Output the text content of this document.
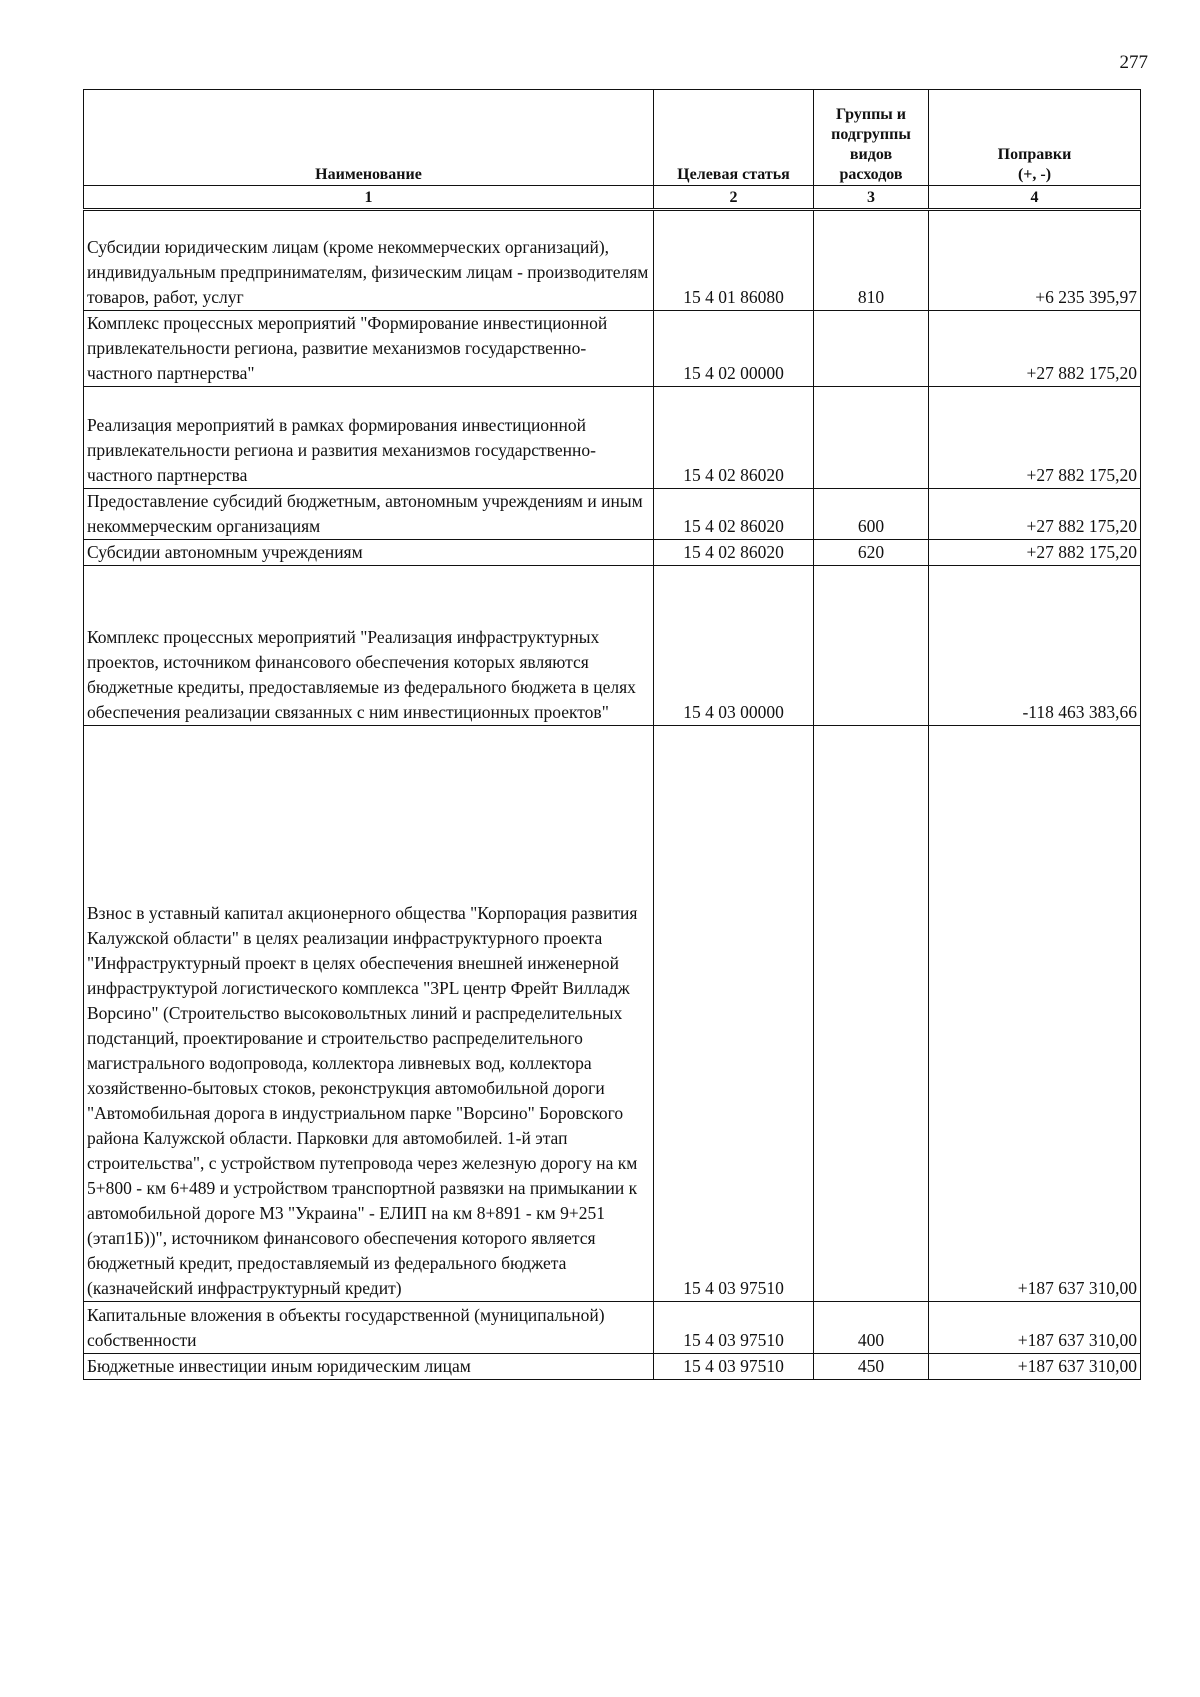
277
Наименование	Целевая статья	Группы и подгруппы видов расходов	Поправки
(+, -)
1	2	3	4
Субсидии юридическим лицам (кроме некоммерческих организаций), индивидуальным предпринимателям, физическим лицам - производителям товаров, работ, услуг	15 4 01 86080	810	+6 235 395,97
Комплекс процессных мероприятий "Формирование инвестиционной привлекательности региона, развитие механизмов государственно-частного партнерства"	15 4 02 00000		+27 882 175,20
Реализация мероприятий в рамках формирования инвестиционной привлекательности региона и развития механизмов государственно-частного партнерства	15 4 02 86020		+27 882 175,20
Предоставление субсидий бюджетным, автономным учреждениям и иным некоммерческим организациям	15 4 02 86020	600	+27 882 175,20
Субсидии автономным учреждениям	15 4 02 86020	620	+27 882 175,20
Комплекс процессных мероприятий "Реализация инфраструктурных проектов, источником финансового обеспечения которых являются бюджетные кредиты, предоставляемые из федерального бюджета в целях обеспечения реализации связанных с ним инвестиционных проектов"	15 4 03 00000		-118 463 383,66
Взнос в уставный капитал акционерного общества "Корпорация развития Калужской области" в целях реализации инфраструктурного проекта "Инфраструктурный проект в целях обеспечения внешней инженерной инфраструктурой логистического комплекса "3PL центр Фрейт Вилладж Ворсино" (Строительство высоковольтных линий и распределительных подстанций, проектирование и строительство распределительного магистрального водопровода, коллектора ливневых вод, коллектора хозяйственно-бытовых стоков, реконструкция автомобильной дороги "Автомобильная дорога в индустриальном парке "Ворсино" Боровского района Калужской области. Парковки для автомобилей. 1-й этап строительства", с устройством путепровода через железную дорогу на км 5+800 - км 6+489 и устройством транспортной развязки на примыкании к автомобильной дороге М3 "Украина" - ЕЛИП на км 8+891 - км 9+251 (этап1Б))", источником финансового обеспечения которого является бюджетный кредит, предоставляемый из федерального бюджета (казначейский инфраструктурный кредит)	15 4 03 97510		+187 637 310,00
Капитальные вложения в объекты государственной (муниципальной) собственности	15 4 03 97510	400	+187 637 310,00
Бюджетные инвестиции иным юридическим лицам	15 4 03 97510	450	+187 637 310,00
